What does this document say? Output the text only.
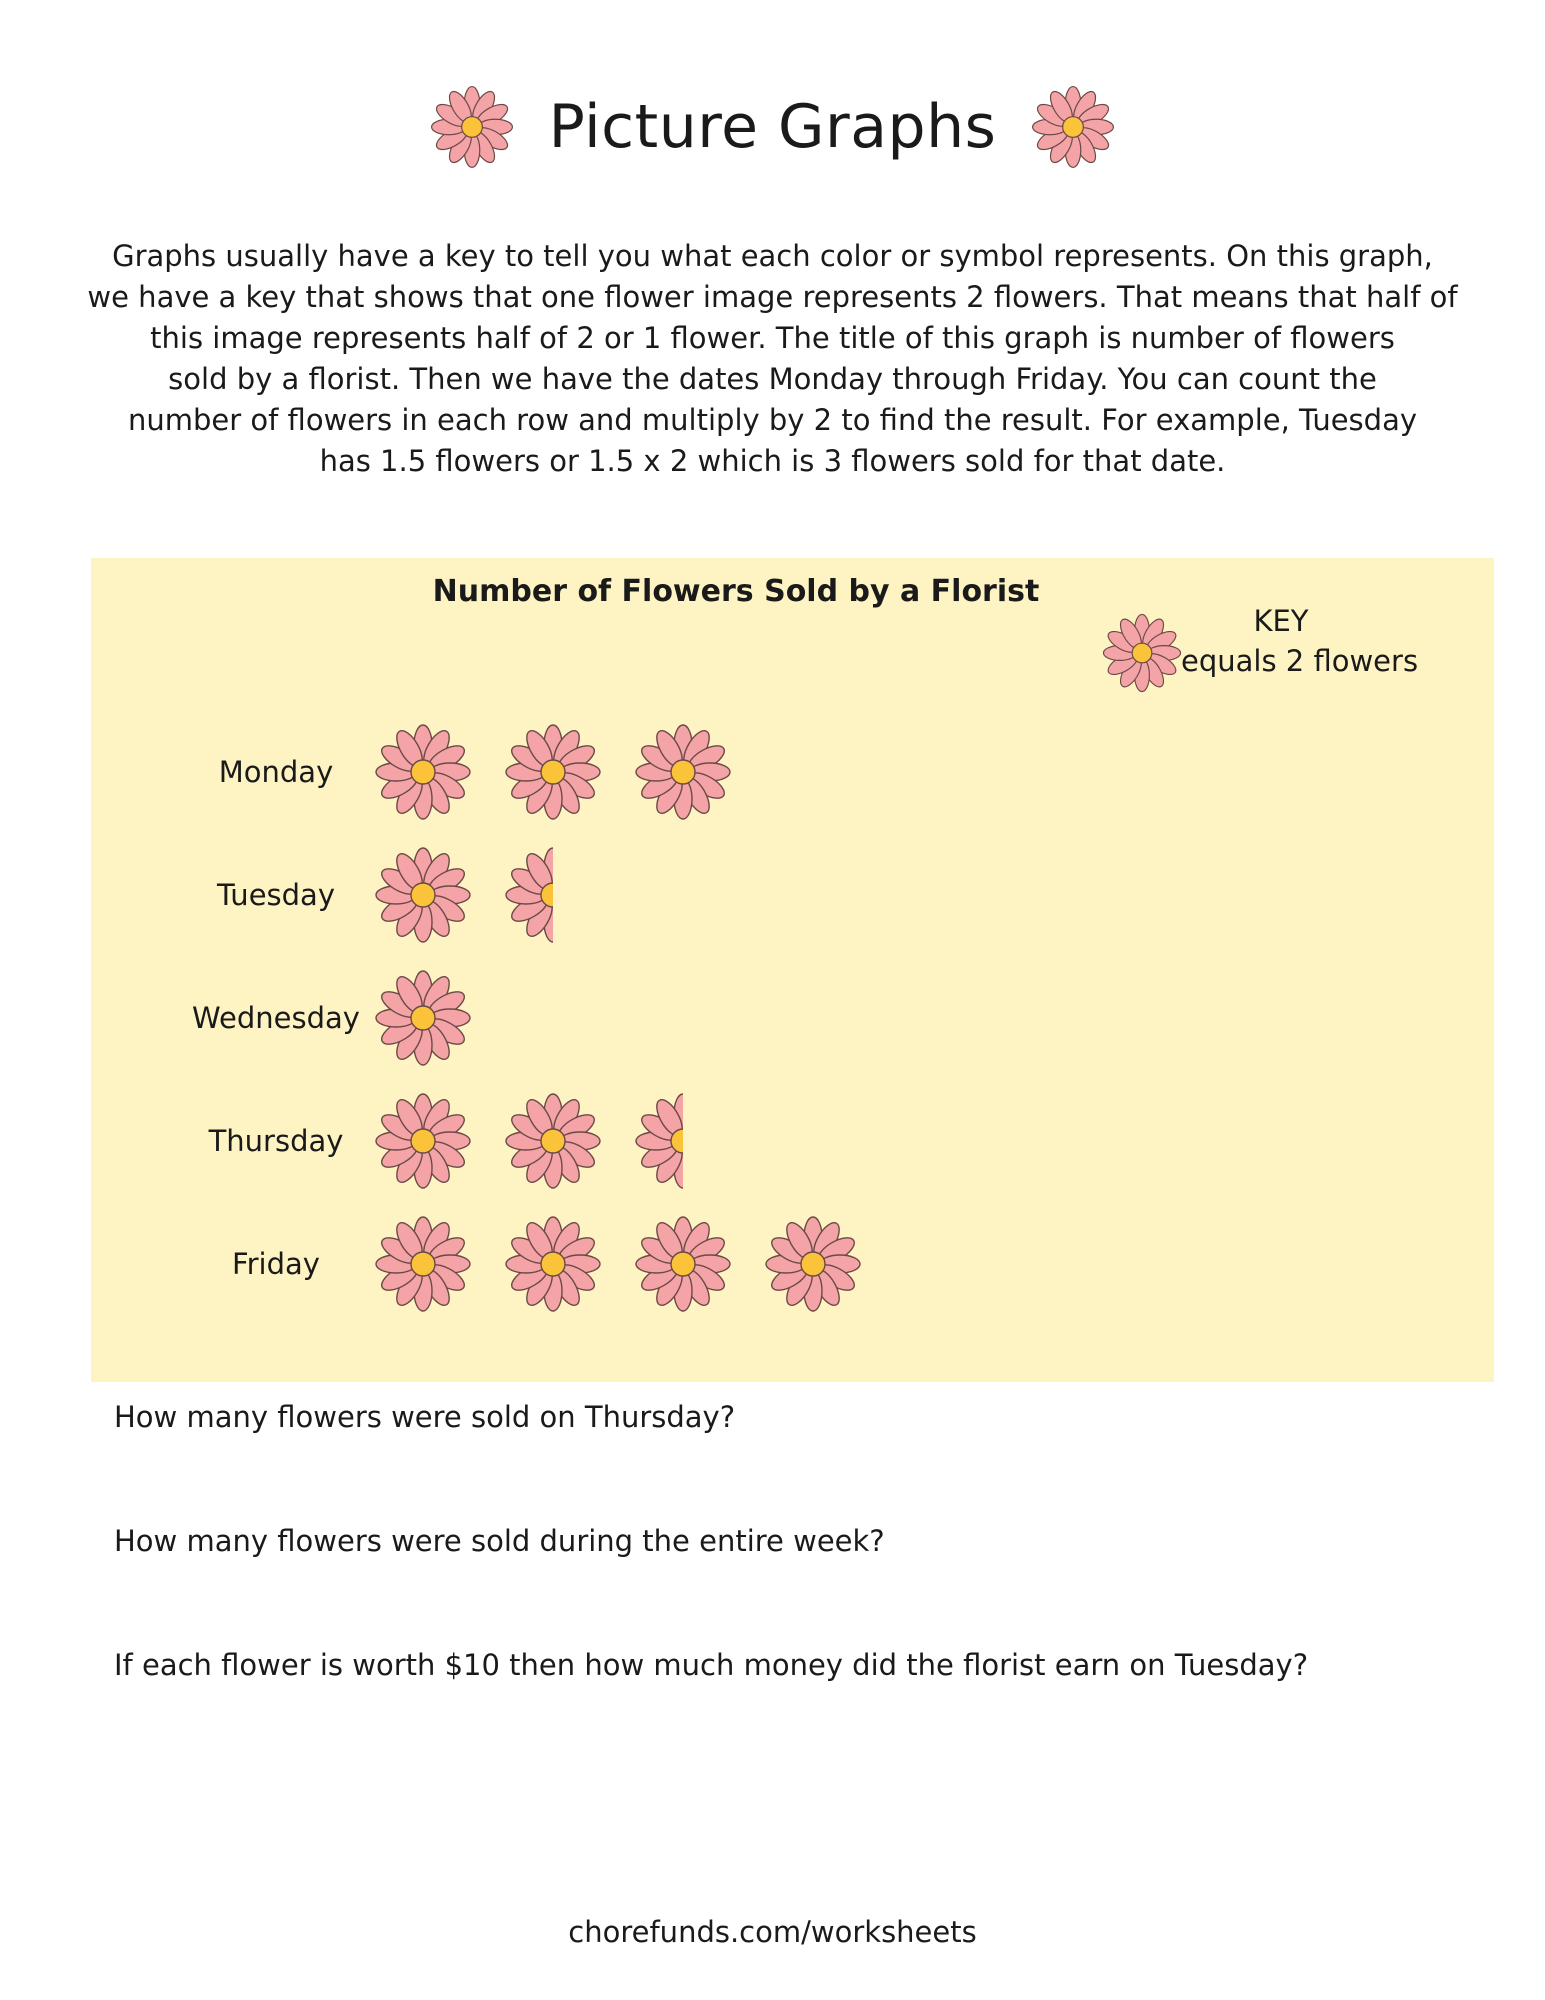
Picture Graphs
Graphs usually have a key to tell you what each color or symbol represents. On this graph,
we have a key that shows that one flower image represents 2 flowers. That means that half of
this image represents half of 2 or 1 flower. The title of this graph is number of flowers
sold by a florist. Then we have the dates Monday through Friday. You can count the
number of flowers in each row and multiply by 2 to find the result. For example, Tuesday
has 1.5 flowers or 1.5 x 2 which is 3 flowers sold for that date.
Number of Flowers Sold by a Florist
KEY
equals 2 flowers
Monday
Tuesday
Wednesday
Thursday
Friday
How many flowers were sold on Thursday?
How many flowers were sold during the entire week?
If each flower is worth $10 then how much money did the florist earn on Tuesday?
chorefunds.com/worksheets
